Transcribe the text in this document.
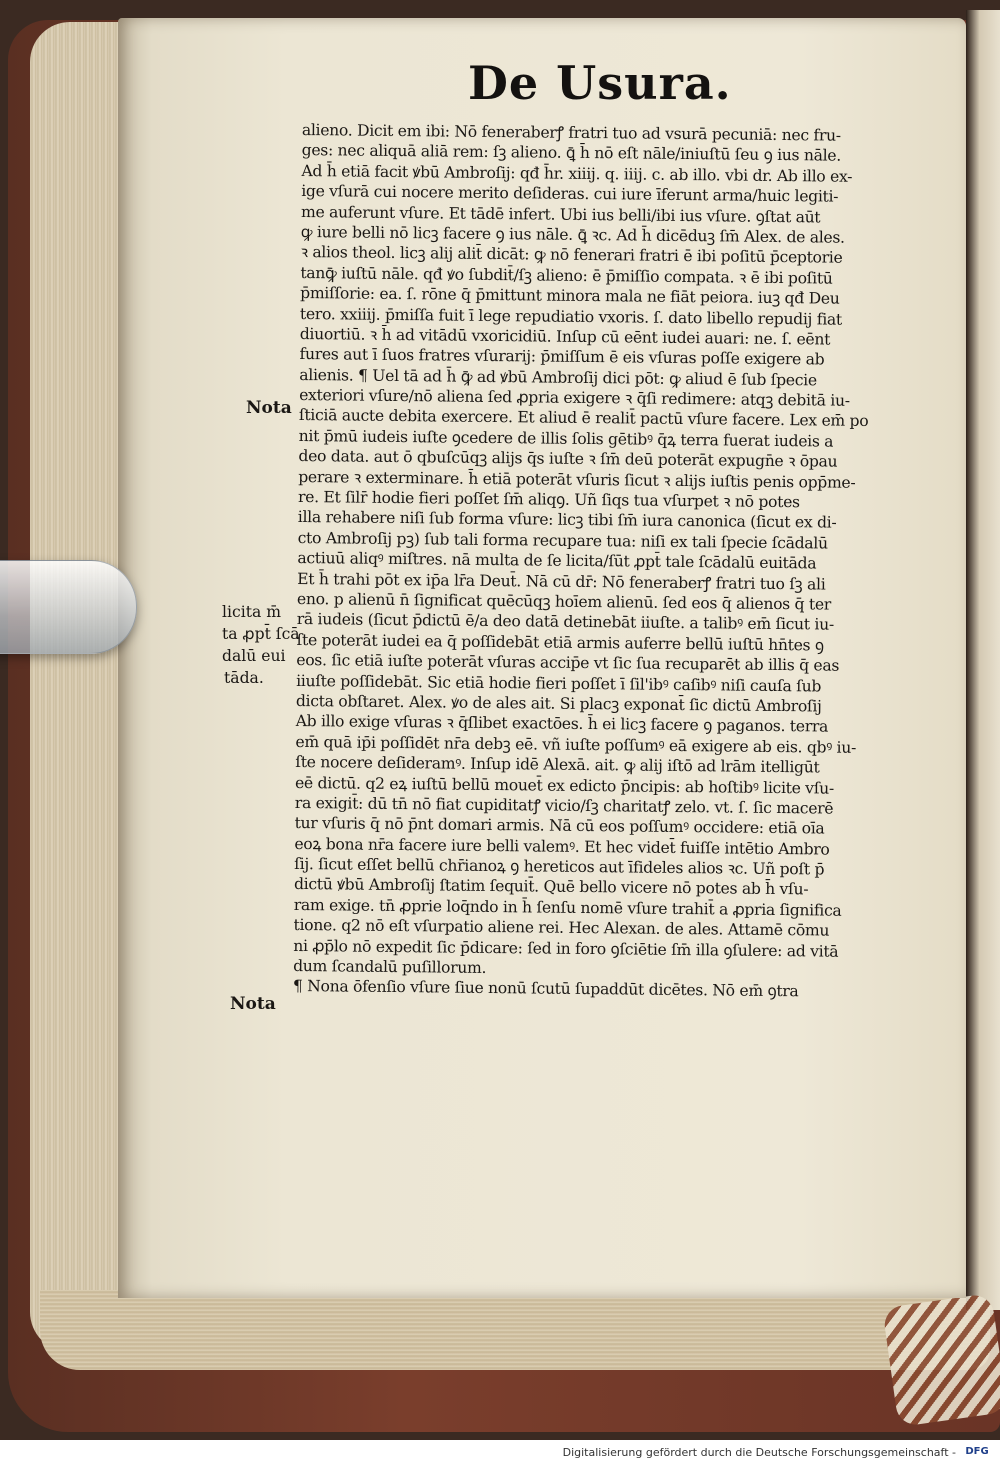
De Usura.
alieno. Dicit em ibi: Nō feneraberꝭ fratri tuo ad vsurā pecuniā: nec fru-
ges: nec aliquā aliā rem: ſꝫ alieno. ꝗ̄ h̄ nō eſt nāle/iniuſtū ſeu ꝯ ius nāle.
Ad h̄ etiā facit ꝟbū Ambroſij: qđ h̄r. xiiij. q. iiij. c. ab illo. vbi dr. Ab illo ex-
ige vſurā cui nocere merito deſideras. cui iure īferunt arma/huic legiti-
me auferunt vſure. Et tādē infert. Ubi ius belli/ibi ius vſure. ꝯſtat aūt
ꝙ iure belli nō licꝫ facere ꝯ ius nāle. ꝗ̄ ꝛc. Ad h̄ dicēduꝫ ſm̄ Alex. de ales.
ꝛ alios theol. licꝫ alij alit̄ dicāt: ꝙ nō fenerari fratri ē ibi poſitū p̄ceptorie
tanꝙ̄ iuſtū nāle. qđ ꝟo ſubdit̄/ſꝫ alieno: ē p̄miſſio compata. ꝛ ē ibi poſitū
p̄miſſorie: ea. ſ. rōne q̄ p̄mittunt minora mala ne fiāt peiora. iuꝫ qđ Deu
tero. xxiiij. p̄miſſa fuit ī lege repudiatio vxoris. ſ. dato libello repudij fiat
diuortiū. ꝛ h̄ ad vitādū vxoricidiū. Inſup cū eēnt iudei auari: ne. ſ. eēnt
fures aut ī ſuos fratres vſurarij: p̄miſſum ē eis vſuras poſſe exigere ab
alienis. ¶ Uel tā ad h̄ ꝙ̄ ad ꝟbū Ambroſij dici pōt: ꝙ aliud ē ſub ſpecie
exteriori vſure/nō aliena ſed ꝓpria exigere ꝛ q̄ſi redimere: atqꝫ debitā iu-
ſticiā aucte debita exercere. Et aliud ē realit̄ pactū vſure facere. Lex em̄ po
nit p̄mū iudeis iuſte ꝯcedere de illis ſolis gētibꝰ q̄ꝝ terra fuerat iudeis a
deo data. aut ō qbuſcūqꝫ alijs q̄s iuſte ꝛ ſm̄ deū poterāt expugn̄e ꝛ ōpau
perare ꝛ exterminare. h̄ etiā poterāt vſuris ſicut ꝛ alijs iuſtis penis opp̄me-
re. Et ſilr̄ hodie fieri poſſet ſm̄ aliqꝯ. Uñ ſiqs tua vſurpet ꝛ nō potes
illa rehabere niſi ſub forma vſure: licꝫ tibi ſm̄ iura canonica (ſicut ex di-
cto Ambroſij pꝫ) ſub tali forma recupare tua: niſi ex tali ſpecie ſcādalū
actiuū aliqꝰ miſtres. nā multa de ſe licita/ſūt ꝓpt̄ tale ſcādalū euitāda
Et h̄ trahi pōt ex ip̄a lr̄a Deut̄. Nā cū dr̄: Nō feneraberꝭ fratri tuo ſꝫ ali
eno. p alienū n̄ ſignificat quēcūqꝫ hoīem alienū. ſed eos q̄ alienos q̄ ter
rā iudeis (ſicut p̄dictū ē/a deo datā detinebāt iiuſte. a talibꝰ em̄ ſicut iu-
ſte poterāt iudei ea q̄ poſſidebāt etiā armis auferre bellū iuſtū hn̄tes ꝯ
eos. ſic etiā iuſte poterāt vſuras accip̄e vt ſic ſua recuparēt ab illis q̄ eas
iiuſte poſſidebāt. Sic etiā hodie fieri poſſet ī ſil'ibꝰ caſibꝰ niſi cauſa ſub
dicta obſtaret. Alex. ꝟo de ales ait. Si placꝫ exponat̄ ſic dictū Ambroſij
Ab illo exige vſuras ꝛ q̄ſlibet exactōes. h̄ ei licꝫ facere ꝯ paganos. terra
em̄ quā ip̄i poſſidēt nr̄a debꝫ eē. vñ iuſte poſſumꝰ eā exigere ab eis. qbꝰ iu-
ſte nocere deſideramꝰ. Inſup idē Alexā. ait. ꝙ alij iſtō ad lrām itelligūt
eē dictū. q2 eꝝ iuſtū bellū mouet̄ ex edicto p̄ncipis: ab hoſtibꝰ licite vſu-
ra exigit̄: dū tn̄ nō fiat cupiditatꝭ vicio/ſꝫ charitatꝭ zelo. vt. ſ. ſic macerē
tur vſuris q̄ nō p̄nt domari armis. Nā cū eos poſſumꝰ occidere: etiā oīa
eoꝝ bona nr̄a facere iure belli valemꝰ. Et hec videt̄ fuiſſe intētio Ambro
ſij. ſicut eſſet bellū chr̄ianoꝝ ꝯ hereticos aut īfideles alios ꝛc. Uñ poſt p̄
dictū ꝟbū Ambroſij ſtatim ſequit̄. Quē bello vicere nō potes ab h̄ vſu-
ram exige. tn̄ ꝓprie loq̄ndo in h̄ ſenſu nomē vſure trahit̄ a ꝓpria ſignifica
tione. q2 nō eſt vſurpatio aliene rei. Hec Alexan. de ales. Attamē cōmu
ni ꝓp̄lo nō expedit ſic p̄dicare: ſed in foro ꝯſciētie ſm̄ illa ꝯſulere: ad vitā
dum ſcandalū puſillorum.
¶ Nona ōfenſio vſure ſiue nonū ſcutū ſupaddūt dicētes. Nō em̄ ꝯtra
Nota
licita m̄
ta ꝓpt̄ ſcā
dalū eui
tāda.
Nota
Digitalisierung gefördert durch die Deutsche Forschungsgemeinschaft - DFG
